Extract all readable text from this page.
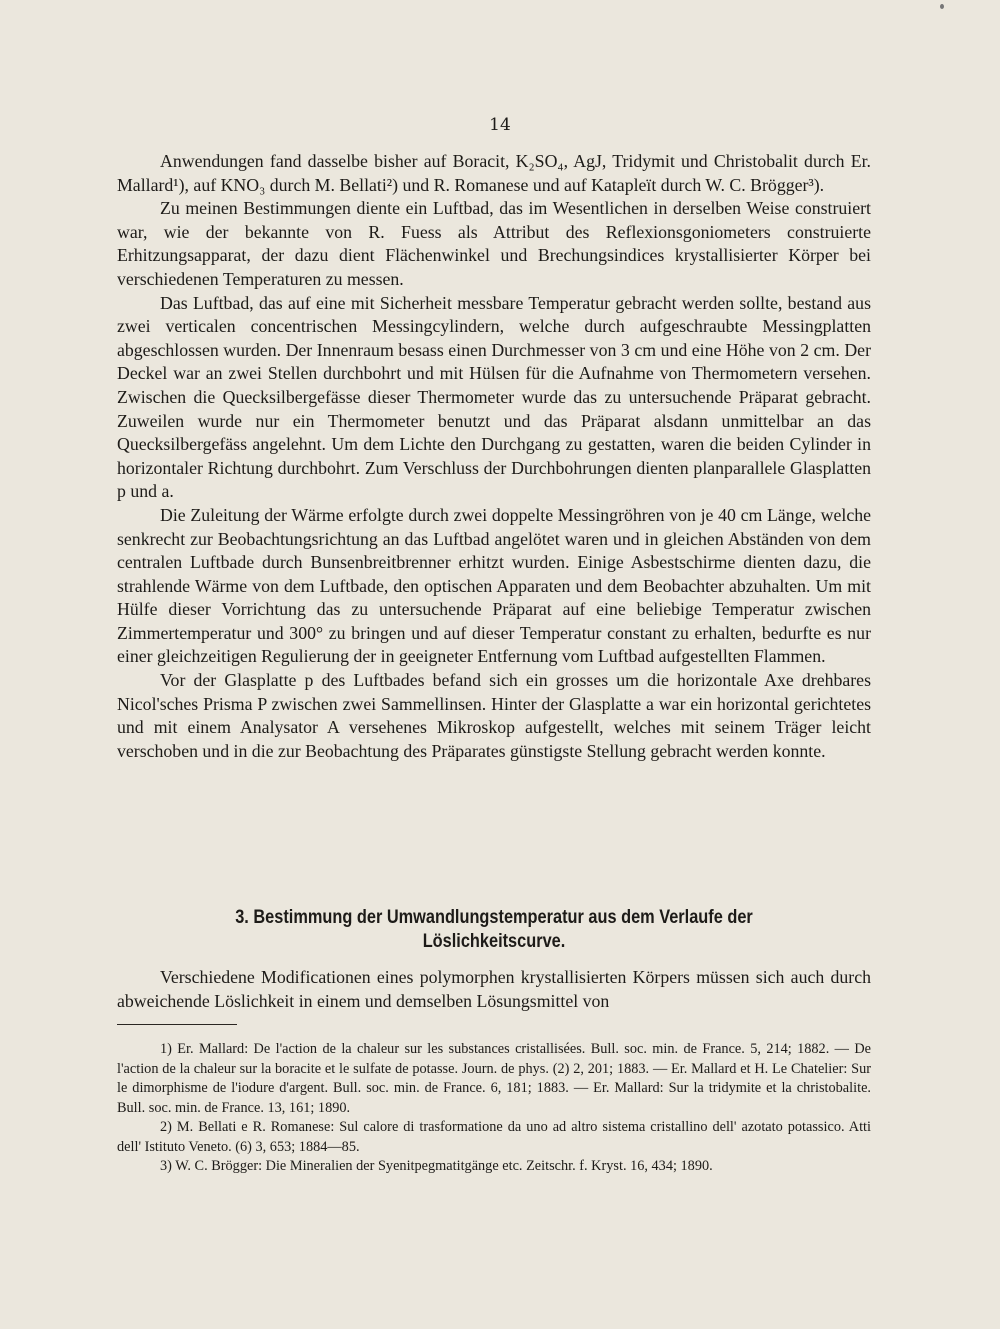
14

Anwendungen fand dasselbe bisher auf Boracit, K₂SO₄, AgJ, Tridymit und Christobalit durch Er. Mallard¹), auf KNO₃ durch M. Bellati²) und R. Romanese und auf Katapleït durch W. C. Brögger³).

Zu meinen Bestimmungen diente ein Luftbad, das im Wesentlichen in derselben Weise construiert war, wie der bekannte von R. Fuess als Attribut des Reflexionsgoniometers construierte Erhitzungsapparat, der dazu dient Flächenwinkel und Brechungsindices krystallisierter Körper bei verschiedenen Temperaturen zu messen.

Das Luftbad, das auf eine mit Sicherheit messbare Temperatur gebracht werden sollte, bestand aus zwei verticalen concentrischen Messingcylindern, welche durch aufgeschraubte Messingplatten abgeschlossen wurden. Der Innenraum besass einen Durchmesser von 3 cm und eine Höhe von 2 cm. Der Deckel war an zwei Stellen durchbohrt und mit Hülsen für die Aufnahme von Thermometern versehen. Zwischen die Quecksilbergefässe dieser Thermometer wurde das zu untersuchende Präparat gebracht. Zuweilen wurde nur ein Thermometer benutzt und das Präparat alsdann unmittelbar an das Quecksilbergefäss angelehnt. Um dem Lichte den Durchgang zu gestatten, waren die beiden Cylinder in horizontaler Richtung durchbohrt. Zum Verschluss der Durchbohrungen dienten planparallele Glasplatten p und a.

Die Zuleitung der Wärme erfolgte durch zwei doppelte Messingröhren von je 40 cm Länge, welche senkrecht zur Beobachtungsrichtung an das Luftbad angelötet waren und in gleichen Abständen von dem centralen Luftbade durch Bunsenbreitbrenner erhitzt wurden. Einige Asbestschirme dienten dazu, die strahlende Wärme von dem Luftbade, den optischen Apparaten und dem Beobachter abzuhalten. Um mit Hülfe dieser Vorrichtung das zu untersuchende Präparat auf eine beliebige Temperatur zwischen Zimmertemperatur und 300° zu bringen und auf dieser Temperatur constant zu erhalten, bedurfte es nur einer gleichzeitigen Regulierung der in geeigneter Entfernung vom Luftbad aufgestellten Flammen.

Vor der Glasplatte p des Luftbades befand sich ein grosses um die horizontale Axe drehbares Nicol'sches Prisma P zwischen zwei Sammellinsen. Hinter der Glasplatte a war ein horizontal gerichtetes und mit einem Analysator A versehenes Mikroskop aufgestellt, welches mit seinem Träger leicht verschoben und in die zur Beobachtung des Präparates günstigste Stellung gebracht werden konnte.

3. Bestimmung der Umwandlungstemperatur aus dem Verlaufe der
Löslichkeitscurve.

Verschiedene Modificationen eines polymorphen krystallisierten Körpers müssen sich auch durch abweichende Löslichkeit in einem und demselben Lösungsmittel von

1) Er. Mallard: De l'action de la chaleur sur les substances cristallisées. Bull. soc. min. de France. 5, 214; 1882. — De l'action de la chaleur sur la boracite et le sulfate de potasse. Journ. de phys. (2) 2, 201; 1883. — Er. Mallard et H. Le Chatelier: Sur le dimorphisme de l'iodure d'argent. Bull. soc. min. de France. 6, 181; 1883. — Er. Mallard: Sur la tridymite et la christobalite. Bull. soc. min. de France. 13, 161; 1890.

2) M. Bellati e R. Romanese: Sul calore di trasformatione da uno ad altro sistema cristallino dell' azotato potassico. Atti dell' Istituto Veneto. (6) 3, 653; 1884—85.

3) W. C. Brögger: Die Mineralien der Syenitpegmatitgänge etc. Zeitschr. f. Kryst. 16, 434; 1890.
